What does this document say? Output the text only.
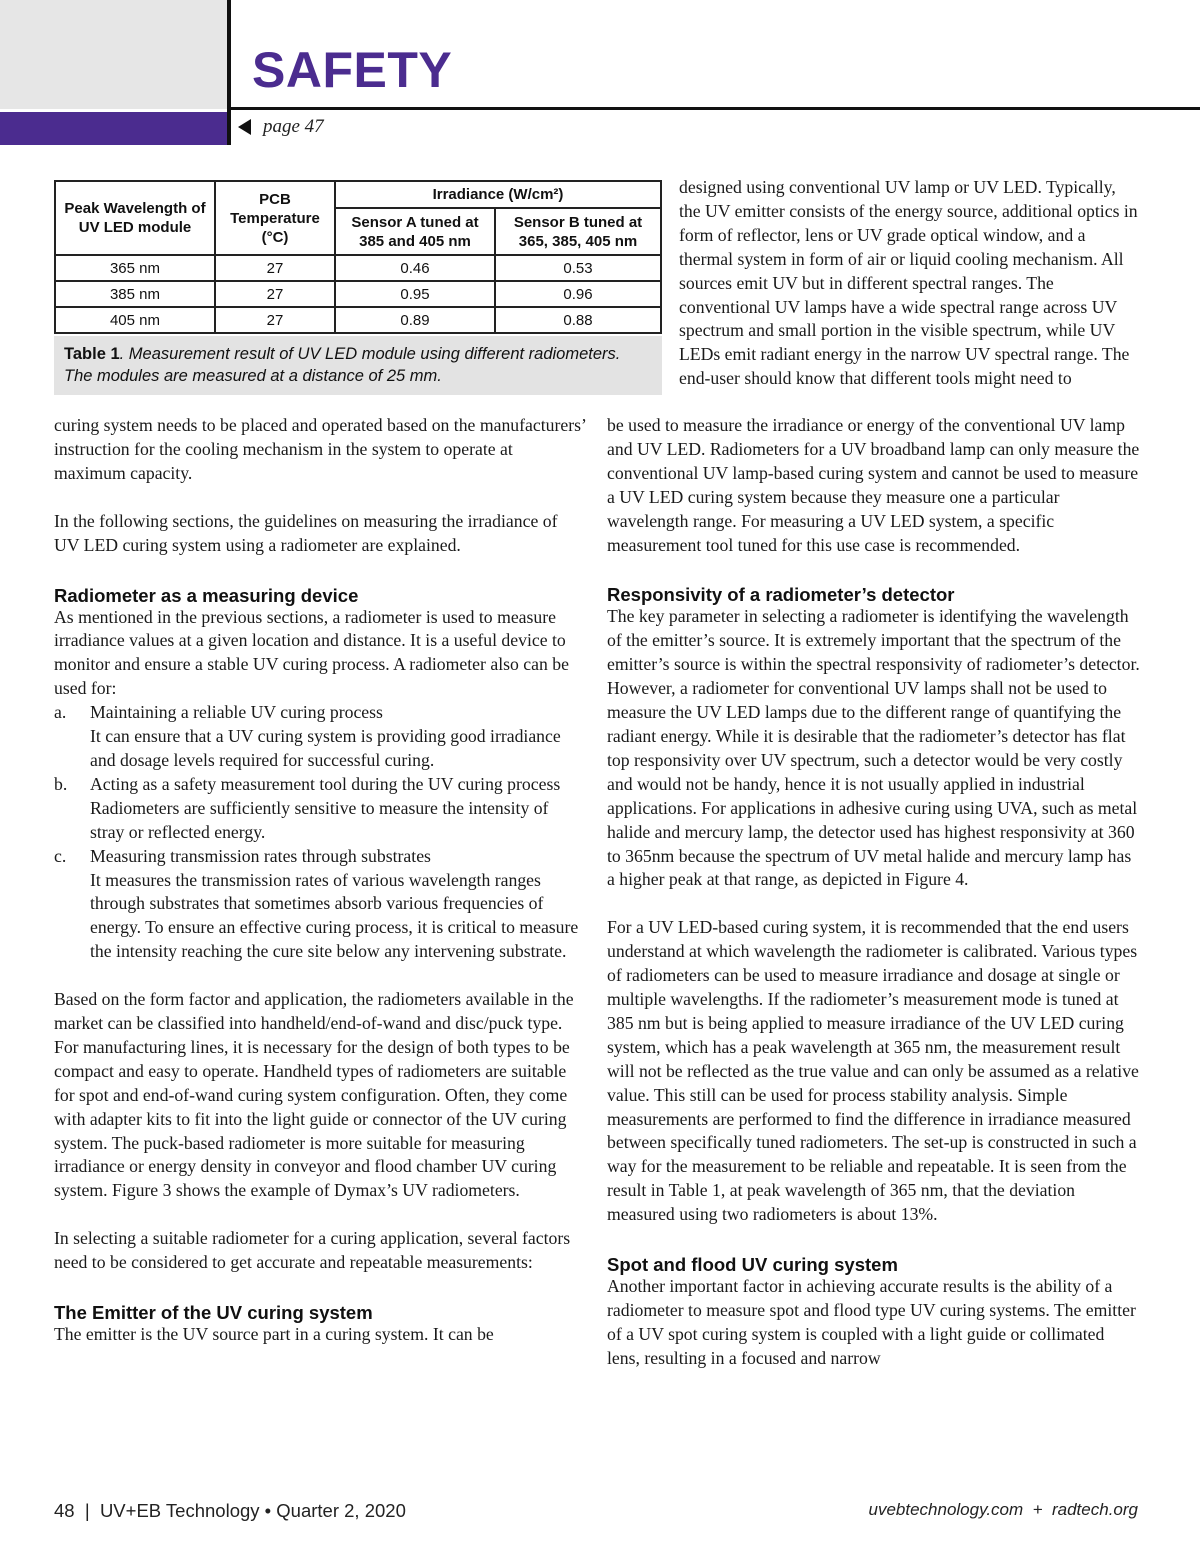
SAFETY
page 47
Peak Wavelength of UV LED module	PCB Temperature (°C)	Irradiance (W/cm²)	
		Sensor A tuned at 385 and 405 nm	Sensor B tuned at 365, 385, 405 nm
365 nm	27	0.46	0.53
385 nm	27	0.95	0.96
405 nm	27	0.89	0.88
Table 1. Measurement result of UV LED module using different radiometers. The modules are measured at a distance of 25 mm.

curing system needs to be placed and operated based on the manufacturers’ instruction for the cooling mechanism in the system to operate at maximum capacity.

In the following sections, the guidelines on measuring the irradiance of UV LED curing system using a radiometer are explained.

Radiometer as a measuring device

As mentioned in the previous sections, a radiometer is used to measure irradiance values at a given location and distance. It is a useful device to monitor and ensure a stable UV curing process. A radiometer also can be used for:

a.	Maintaining a reliable UV curing process

It can ensure that a UV curing system is providing good irradiance and dosage levels required for successful curing.

b.	Acting as a safety measurement tool during the UV curing process

Radiometers are sufficiently sensitive to measure the intensity of stray or reflected energy.

c.	Measuring transmission rates through substrates

It measures the transmission rates of various wavelength ranges through substrates that sometimes absorb various frequencies of energy. To ensure an effective curing process, it is critical to measure the intensity reaching the cure site below any intervening substrate.

Based on the form factor and application, the radiometers available in the market can be classified into handheld/end-of-wand and disc/puck type. For manufacturing lines, it is necessary for the design of both types to be compact and easy to operate. Handheld types of radiometers are suitable for spot and end-of-wand curing system configuration. Often, they come with adapter kits to fit into the light guide or connector of the UV curing system. The puck-based radiometer is more suitable for measuring irradiance or energy density in conveyor and flood chamber UV curing system. Figure 3 shows the example of Dymax’s UV radiometers.

In selecting a suitable radiometer for a curing application, several factors need to be considered to get accurate and repeatable measurements:

The Emitter of the UV curing system

The emitter is the UV source part in a curing system. It can be

designed using conventional UV lamp or UV LED. Typically, the UV emitter consists of the energy source, additional optics in form of reflector, lens or UV grade optical window, and a thermal system in form of air or liquid cooling mechanism. All sources emit UV but in different spectral ranges. The conventional UV lamps have a wide spectral range across UV spectrum and small portion in the visible spectrum, while UV LEDs emit radiant energy in the narrow UV spectral range. The end-user should know that different tools might need to

be used to measure the irradiance or energy of the conventional UV lamp and UV LED. Radiometers for a UV broadband lamp can only measure the conventional UV lamp-based curing system and cannot be used to measure a UV LED curing system because they measure one a particular wavelength range. For measuring a UV LED system, a specific measurement tool tuned for this use case is recommended.

Responsivity of a radiometer’s detector

The key parameter in selecting a radiometer is identifying the wavelength of the emitter’s source. It is extremely important that the spectrum of the emitter’s source is within the spectral responsivity of radiometer’s detector. However, a radiometer for conventional UV lamps shall not be used to measure the UV LED lamps due to the different range of quantifying the radiant energy. While it is desirable that the radiometer’s detector has flat top responsivity over UV spectrum, such a detector would be very costly and would not be handy, hence it is not usually applied in industrial applications. For applications in adhesive curing using UVA, such as metal halide and mercury lamp, the detector used has highest responsivity at 360 to 365nm because the spectrum of UV metal halide and mercury lamp has a higher peak at that range, as depicted in Figure 4.

For a UV LED-based curing system, it is recommended that the end users understand at which wavelength the radiometer is calibrated. Various types of radiometers can be used to measure irradiance and dosage at single or multiple wavelengths. If the radiometer’s measurement mode is tuned at 385 nm but is being applied to measure irradiance of the UV LED curing system, which has a peak wavelength at 365 nm, the measurement result will not be reflected as the true value and can only be assumed as a relative value. This still can be used for process stability analysis. Simple measurements are performed to find the difference in irradiance measured between specifically tuned radiometers. The set-up is constructed in such a way for the measurement to be reliable and repeatable. It is seen from the result in Table 1, at peak wavelength of 365 nm, that the deviation measured using two radiometers is about 13%.

Spot and flood UV curing system

Another important factor in achieving accurate results is the ability of a radiometer to measure spot and flood type UV curing systems. The emitter of a UV spot curing system is coupled with a light guide or collimated lens, resulting in a focused and narrow

48  |  UV+EB Technology • Quarter 2, 2020	uvebtechnology.com  +  radtech.org
